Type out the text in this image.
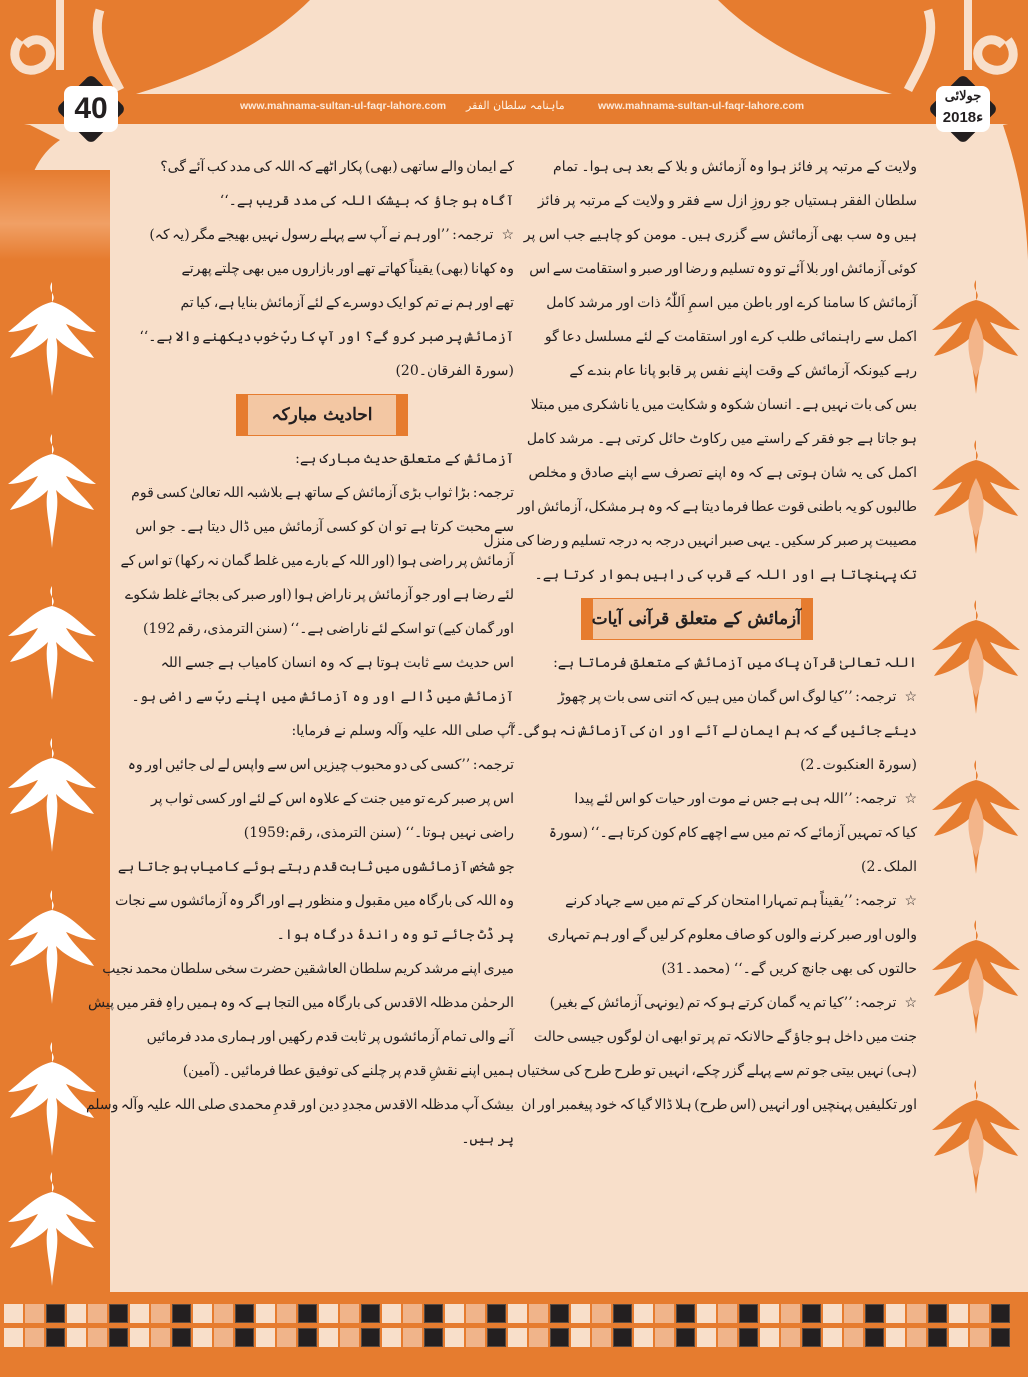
www.mahnama-sultan-ul-faqr-lahore.com ماہنامہ سلطان الفقر	www.mahnama-sultan-ul-faqr-lahore.com
40	جولائی
2018ء

ولایت کے مرتبہ پر فائز ہوا وہ آزمائش و بلا کے بعد ہی ہوا۔ تمام

سلطان الفقر ہستیاں جو روزِ ازل سے فقر و ولایت کے مرتبہ پر فائز

ہیں وہ سب بھی آزمائش سے گزری ہیں۔ مومن کو چاہیے جب اس پر

کوئی آزمائش اور بلا آئے تو وہ تسلیم و رضا اور صبر و استقامت سے اس

آزمائش کا سامنا کرے اور باطن میں اسمِ اَللّٰہُ ذات اور مرشد کامل

اکمل سے راہنمائی طلب کرے اور استقامت کے لئے مسلسل دعا گو

رہے کیونکہ آزمائش کے وقت اپنے نفس پر قابو پانا عام بندے کے

بس کی بات نہیں ہے۔ انسان شکوہ و شکایت میں یا ناشکری میں مبتلا

ہو جاتا ہے جو فقر کے راستے میں رکاوٹ حائل کرتی ہے۔ مرشد کامل

اکمل کی یہ شان ہوتی ہے کہ وہ اپنے تصرف سے اپنے صادق و مخلص

طالبوں کو یہ باطنی قوت عطا فرما دیتا ہے کہ وہ ہر مشکل، آزمائش اور

مصیبت پر صبر کر سکیں۔ یہی صبر انہیں درجہ بہ درجہ تسلیم و رضا کی منزل

تک پہنچاتا ہے اور اللہ کے قرب کی راہیں ہموار کرتا ہے۔

آزمائش کے متعلق قرآنی آیات

اللہ تعالیٰ قرآن پاک میں آزمائش کے متعلق فرماتا ہے:

☆ترجمہ: ’’کیا لوگ اس گمان میں ہیں کہ اتنی سی بات پر چھوڑ

دیئے جائیں گے کہ ہم ایمان لے آئے اور ان کی آزمائش نہ ہوگی۔‘‘

(سورۃ العنکبوت۔2)

☆ترجمہ: ’’اللہ ہی ہے جس نے موت اور حیات کو اس لئے پیدا

کیا کہ تمہیں آزمائے کہ تم میں سے اچھے کام کون کرتا ہے۔‘‘ (سورۃ

الملک۔2)

☆ترجمہ: ’’یقیناً ہم تمہارا امتحان کر کے تم میں سے جہاد کرنے

والوں اور صبر کرنے والوں کو صاف معلوم کر لیں گے اور ہم تمہاری

حالتوں کی بھی جانچ کریں گے۔‘‘ (محمد۔31)

☆ترجمہ: ’’کیا تم یہ گمان کرتے ہو کہ تم (یونہی آزمائش کے بغیر)

جنت میں داخل ہو جاؤ گے حالانکہ تم پر تو ابھی ان لوگوں جیسی حالت

(ہی) نہیں بیتی جو تم سے پہلے گزر چکے، انہیں تو طرح طرح کی سختیاں

اور تکلیفیں پہنچیں اور انہیں (اس طرح) ہلا ڈالا گیا کہ خود پیغمبر اور ان

کے ایمان والے ساتھی (بھی) پکار اٹھے کہ اللہ کی مدد کب آئے گی؟

آگاہ ہو جاؤ کہ بیشک اللہ کی مدد قریب ہے۔‘‘

☆ترجمہ: ’’اور ہم نے آپ سے پہلے رسول نہیں بھیجے مگر (یہ کہ)

وہ کھانا (بھی) یقیناً کھاتے تھے اور بازاروں میں بھی چلتے پھرتے

تھے اور ہم نے تم کو ایک دوسرے کے لئے آزمائش بنایا ہے، کیا تم

آزمائش پر صبر کرو گے؟ اور آپ کا ربّ خوب دیکھنے والا ہے۔‘‘

(سورۃ الفرقان۔20)

احادیث مبارکہ

آزمائش کے متعلق حدیث مبارک ہے:

ترجمہ: بڑا ثواب بڑی آزمائش کے ساتھ ہے بلاشبہ اللہ تعالیٰ کسی قوم

سے محبت کرتا ہے تو ان کو کسی آزمائش میں ڈال دیتا ہے۔ جو اس

آزمائش پر راضی ہوا (اور اللہ کے بارے میں غلط گمان نہ رکھا) تو اس کے

لئے رضا ہے اور جو آزمائش پر ناراض ہوا (اور صبر کی بجائے غلط شکوے

اور گمان کیے) تو اسکے لئے ناراضی ہے۔‘‘ (سنن الترمذی، رقم 192)

اس حدیث سے ثابت ہوتا ہے کہ وہ انسان کامیاب ہے جسے اللہ

آزمائش میں ڈالے اور وہ آزمائش میں اپنے ربّ سے راضی ہو۔

آپ صلی اللہ علیہ وآلہ وسلم نے فرمایا:

ترجمہ: ’’کسی کی دو محبوب چیزیں اس سے واپس لے لی جائیں اور وہ

اس پر صبر کرے تو میں جنت کے علاوہ اس کے لئے اور کسی ثواب پر

راضی نہیں ہوتا۔‘‘ (سنن الترمذی، رقم:1959)

جو شخص آزمائشوں میں ثابت قدم رہتے ہوئے کامیاب ہو جاتا ہے

وہ اللہ کی بارگاہ میں مقبول و منظور ہے اور اگر وہ آزمائشوں سے نجات

پر ڈٹ جائے تو وہ راندۂ درگاہ ہوا۔

میری اپنے مرشد کریم سلطان العاشقین حضرت سخی سلطان محمد نجیب

الرحمٰن مدظلہ الاقدس کی بارگاہ میں التجا ہے کہ وہ ہمیں راہِ فقر میں پیش

آنے والی تمام آزمائشوں پر ثابت قدم رکھیں اور ہماری مدد فرمائیں

ہمیں اپنے نقشِ قدم پر چلنے کی توفیق عطا فرمائیں۔ (آمین)

بیشک آپ مدظلہ الاقدس مجددِ دین اور قدمِ محمدی صلی اللہ علیہ وآلہ وسلم

پر ہیں۔
